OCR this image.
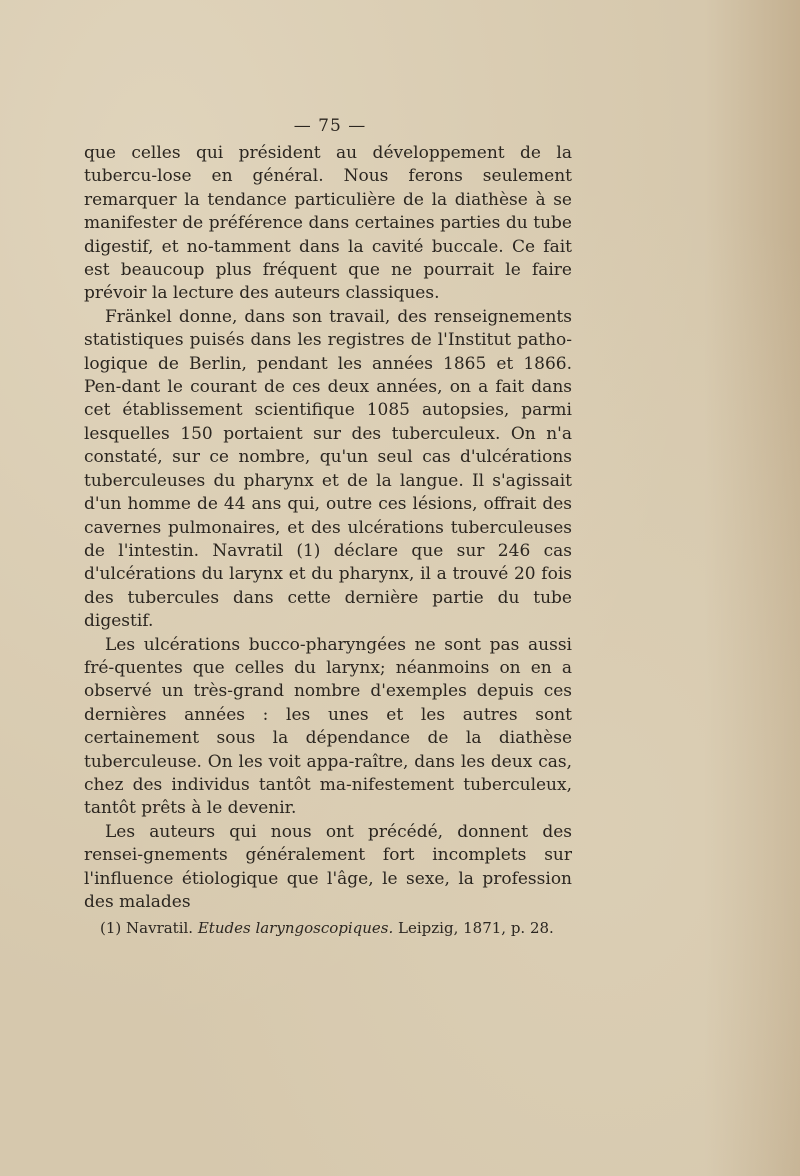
— 75 —

que celles qui président au développement de la tubercu-lose en général. Nous ferons seulement remarquer la tendance particulière de la diathèse à se manifester de préférence dans certaines parties du tube digestif, et no-tamment dans la cavité buccale. Ce fait est beaucoup plus fréquent que ne pourrait le faire prévoir la lecture des auteurs classiques.

Fränkel donne, dans son travail, des renseignements statistiques puisés dans les registres de l'Institut patho-logique de Berlin, pendant les années 1865 et 1866. Pen-dant le courant de ces deux années, on a fait dans cet établissement scientifique 1085 autopsies, parmi lesquelles 150 portaient sur des tuberculeux. On n'a constaté, sur ce nombre, qu'un seul cas d'ulcérations tuberculeuses du pharynx et de la langue. Il s'agissait d'un homme de 44 ans qui, outre ces lésions, offrait des cavernes pulmonaires, et des ulcérations tuberculeuses de l'intestin. Navratil (1) déclare que sur 246 cas d'ulcérations du larynx et du pharynx, il a trouvé 20 fois des tubercules dans cette dernière partie du tube digestif.

Les ulcérations bucco-pharyngées ne sont pas aussi fré-quentes que celles du larynx; néanmoins on en a observé un très-grand nombre d'exemples depuis ces dernières années : les unes et les autres sont certainement sous la dépendance de la diathèse tuberculeuse. On les voit appa-raître, dans les deux cas, chez des individus tantôt ma-nifestement tuberculeux, tantôt prêts à le devenir.

Les auteurs qui nous ont précédé, donnent des rensei-gnements généralement fort incomplets sur l'influence étiologique que l'âge, le sexe, la profession des malades

(1) Navratil. Etudes laryngoscopiques. Leipzig, 1871, p. 28.
